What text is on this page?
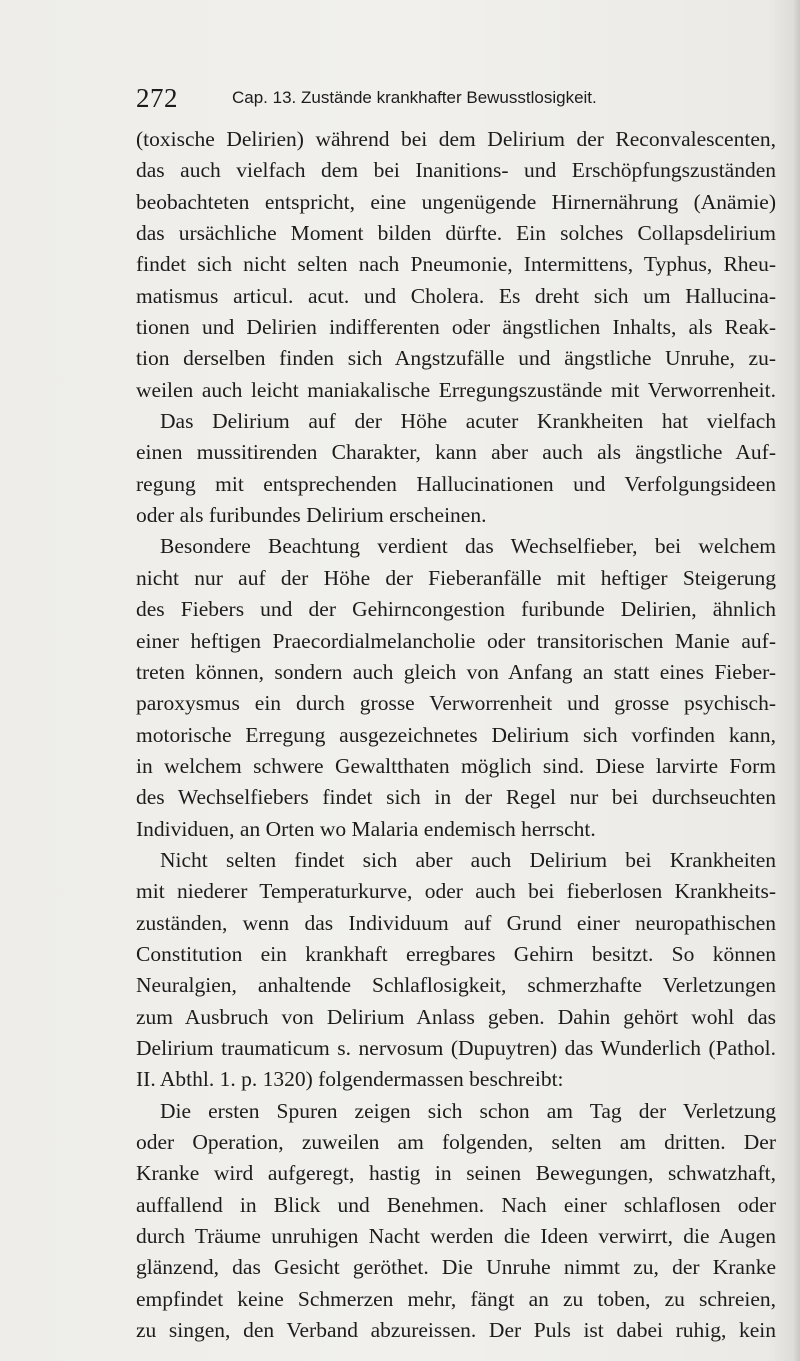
272	Cap. 13. Zustände krankhafter Bewusstlosigkeit.
(toxische Delirien) während bei dem Delirium der Reconvalescenten,
das auch vielfach dem bei Inanitions- und Erschöpfungszuständen
beobachteten entspricht, eine ungenügende Hirnernährung (Anämie)
das ursächliche Moment bilden dürfte. Ein solches Collapsdelirium
findet sich nicht selten nach Pneumonie, Intermittens, Typhus, Rheu-
matismus articul. acut. und Cholera. Es dreht sich um Hallucina-
tionen und Delirien indifferenten oder ängstlichen Inhalts, als Reak-
tion derselben finden sich Angstzufälle und ängstliche Unruhe, zu-
weilen auch leicht maniakalische Erregungszustände mit Verworrenheit.
Das Delirium auf der Höhe acuter Krankheiten hat vielfach
einen mussitirenden Charakter, kann aber auch als ängstliche Auf-
regung mit entsprechenden Hallucinationen und Verfolgungsideen
oder als furibundes Delirium erscheinen.
Besondere Beachtung verdient das Wechselfieber, bei welchem
nicht nur auf der Höhe der Fieberanfälle mit heftiger Steigerung
des Fiebers und der Gehirncongestion furibunde Delirien, ähnlich
einer heftigen Praecordialmelancholie oder transitorischen Manie auf-
treten können, sondern auch gleich von Anfang an statt eines Fieber-
paroxysmus ein durch grosse Verworrenheit und grosse psychisch-
motorische Erregung ausgezeichnetes Delirium sich vorfinden kann,
in welchem schwere Gewaltthaten möglich sind. Diese larvirte Form
des Wechselfiebers findet sich in der Regel nur bei durchseuchten
Individuen, an Orten wo Malaria endemisch herrscht.
Nicht selten findet sich aber auch Delirium bei Krankheiten
mit niederer Temperaturkurve, oder auch bei fieberlosen Krankheits-
zuständen, wenn das Individuum auf Grund einer neuropathischen
Constitution ein krankhaft erregbares Gehirn besitzt. So können
Neuralgien, anhaltende Schlaflosigkeit, schmerzhafte Verletzungen
zum Ausbruch von Delirium Anlass geben. Dahin gehört wohl das
Delirium traumaticum s. nervosum (Dupuytren) das Wunderlich (Pathol.
II. Abthl. 1. p. 1320) folgendermassen beschreibt:
Die ersten Spuren zeigen sich schon am Tag der Verletzung
oder Operation, zuweilen am folgenden, selten am dritten. Der
Kranke wird aufgeregt, hastig in seinen Bewegungen, schwatzhaft,
auffallend in Blick und Benehmen. Nach einer schlaflosen oder
durch Träume unruhigen Nacht werden die Ideen verwirrt, die Augen
glänzend, das Gesicht geröthet. Die Unruhe nimmt zu, der Kranke
empfindet keine Schmerzen mehr, fängt an zu toben, zu schreien,
zu singen, den Verband abzureissen. Der Puls ist dabei ruhig, kein
